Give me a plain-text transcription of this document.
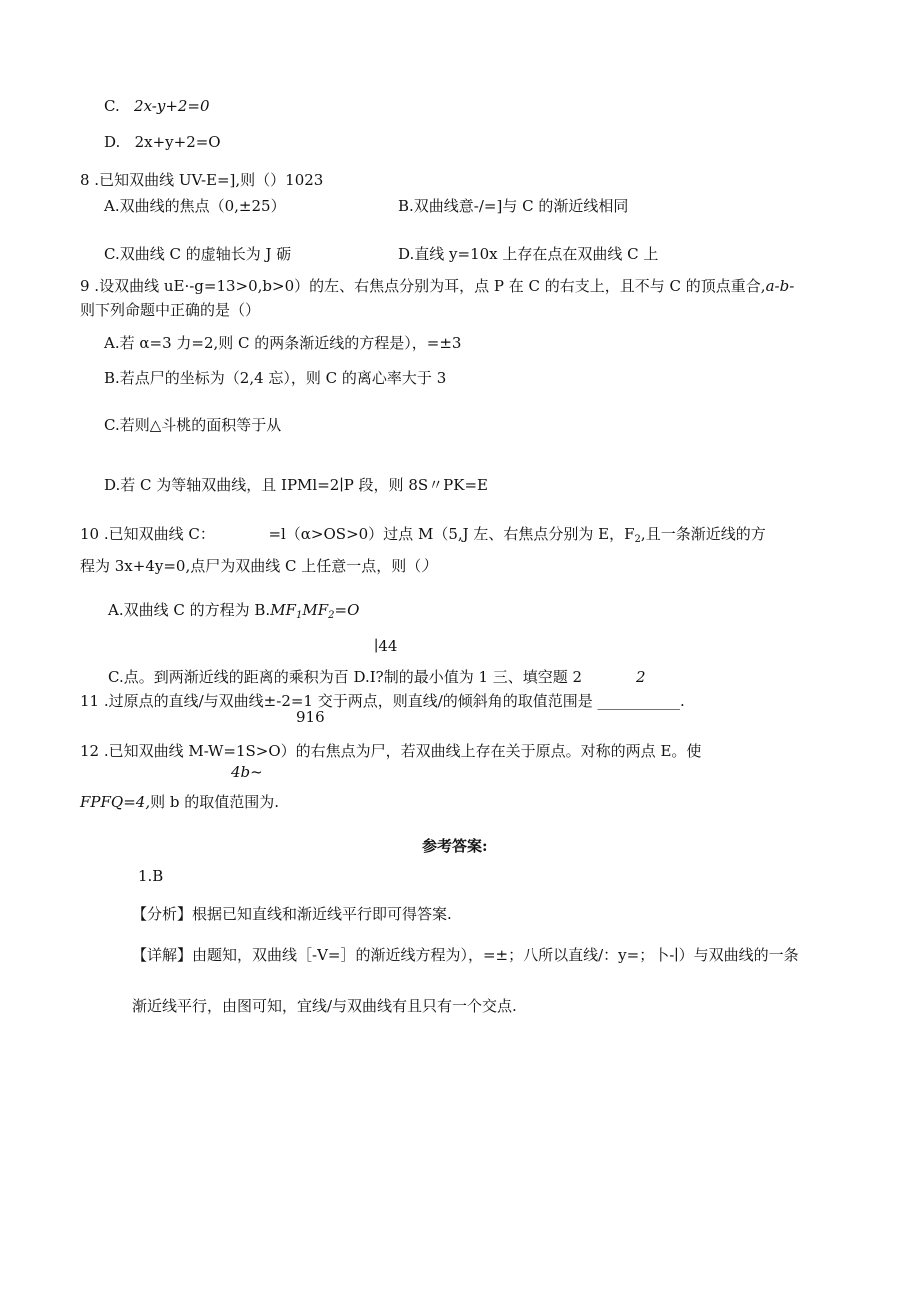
C. 2x-y+2=0
D. 2x+y+2=O
8 .已知双曲线 UV-E=],则（）1023
A.双曲线的焦点（0,±25）	B.双曲线意-/=]与 C 的渐近线相同
C.双曲线 C 的虚轴长为 J 砺	D.直线 y=10x 上存在点在双曲线 C 上
9 .设双曲线 uE·-g=13>0,b>0）的左、右焦点分别为耳，点 P 在 C 的右支上，且不与 C 的顶点重合,a-b-
则下列命题中正确的是（）
A.若 α=3 力=2,则 C 的两条渐近线的方程是），=±3
B.若点尸的坐标为（2,4 忘），则 C 的离心率大于 3
C.若则△斗桃的面积等于从
D.若 C 为等轴双曲线，且 IPMl=2∣P 段，则 8S〃PK=E
10 .已知双曲线 C：	=l（α>OS>0）过点 M（5,J 左、右焦点分别为 E，$F_2$,且一条渐近线的方
程为 3x+4y=0,点尸为双曲线 C 上任意一点，则（）
A.双曲线 C 的方程为 $B.MF_1MF_2=O$
∣44
C.点。到两渐近线的距离的乘积为百 D.I?制的最小值为 1 三、填空题 2	2
11 .过原点的直线/与双曲线±-2=1 交于两点，则直线/的倾斜角的取值范围是 ___________.
916
12 .已知双曲线 M-W=1S>O）的右焦点为尸，若双曲线上存在关于原点。对称的两点 E。使
4b~
FPFQ=4,则 b 的取值范围为.
参考答案:
1.B
【分析】根据已知直线和渐近线平行即可得答案.
【详解】由题知，双曲线［-V=］的渐近线方程为），=±；八所以直线/：y=；卜-∣）与双曲线的一条
渐近线平行，由图可知，宜线/与双曲线有且只有一个交点.
